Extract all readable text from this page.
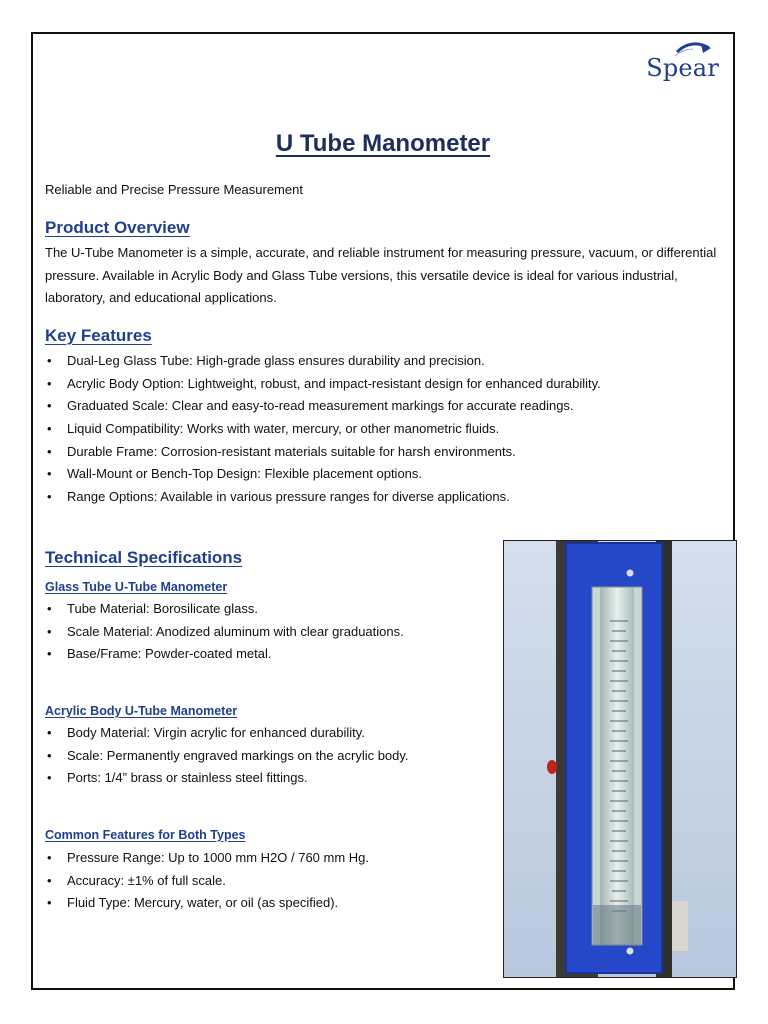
Spear
U Tube Manometer

Reliable and Precise Pressure Measurement

Product Overview

The U-Tube Manometer is a simple, accurate, and reliable instrument for measuring pressure, vacuum, or differential pressure. Available in Acrylic Body and Glass Tube versions, this versatile device is ideal for various industrial, laboratory, and educational applications.

Key Features
• Dual-Leg Glass Tube: High-grade glass ensures durability and precision.
• Acrylic Body Option: Lightweight, robust, and impact-resistant design for enhanced durability.
• Graduated Scale: Clear and easy-to-read measurement markings for accurate readings.
• Liquid Compatibility: Works with water, mercury, or other manometric fluids.
• Durable Frame: Corrosion-resistant materials suitable for harsh environments.
• Wall-Mount or Bench-Top Design: Flexible placement options.
• Range Options: Available in various pressure ranges for diverse applications.
Technical Specifications
Glass Tube U-Tube Manometer
• Tube Material: Borosilicate glass.
• Scale Material: Anodized aluminum with clear graduations.
• Base/Frame: Powder-coated metal.
Acrylic Body U-Tube Manometer
• Body Material: Virgin acrylic for enhanced durability.
• Scale: Permanently engraved markings on the acrylic body.
• Ports: 1/4” brass or stainless steel fittings.
Common Features for Both Types
• Pressure Range: Up to 1000 mm H2O / 760 mm Hg.
• Accuracy: ±1% of full scale.
• Fluid Type: Mercury, water, or oil (as specified).
